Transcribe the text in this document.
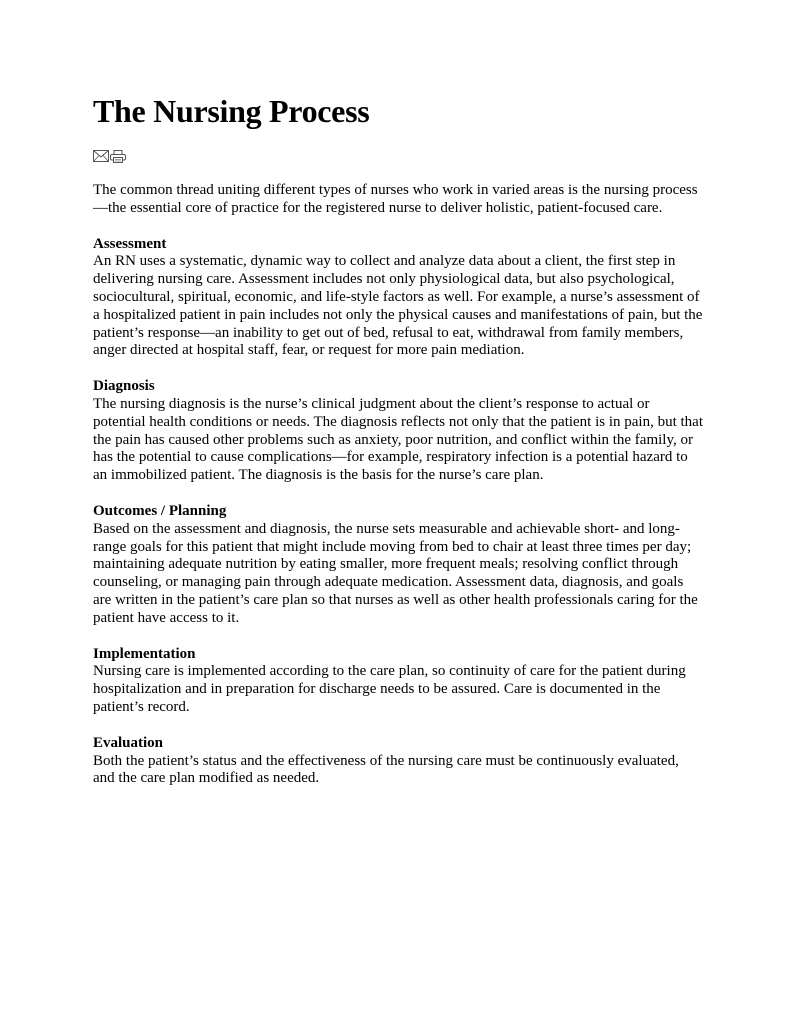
The Nursing Process

The common thread uniting different types of nurses who work in varied areas is the nursing process—the essential core of practice for the registered nurse to deliver holistic, patient-focused care.

Assessment

An RN uses a systematic, dynamic way to collect and analyze data about a client, the first step in delivering nursing care. Assessment includes not only physiological data, but also psychological, sociocultural, spiritual, economic, and life-style factors as well. For example, a nurse’s assessment of a hospitalized patient in pain includes not only the physical causes and manifestations of pain, but the patient’s response—an inability to get out of bed, refusal to eat, withdrawal from family members, anger directed at hospital staff, fear, or request for more pain mediation.

Diagnosis

The nursing diagnosis is the nurse’s clinical judgment about the client’s response to actual or potential health conditions or needs. The diagnosis reflects not only that the patient is in pain, but that the pain has caused other problems such as anxiety, poor nutrition, and conflict within the family, or has the potential to cause complications—for example, respiratory infection is a potential hazard to an immobilized patient. The diagnosis is the basis for the nurse’s care plan.

Outcomes / Planning

Based on the assessment and diagnosis, the nurse sets measurable and achievable short- and long-range goals for this patient that might include moving from bed to chair at least three times per day; maintaining adequate nutrition by eating smaller, more frequent meals; resolving conflict through counseling, or managing pain through adequate medication. Assessment data, diagnosis, and goals are written in the patient’s care plan so that nurses as well as other health professionals caring for the patient have access to it.

Implementation

Nursing care is implemented according to the care plan, so continuity of care for the patient during hospitalization and in preparation for discharge needs to be assured. Care is documented in the patient’s record.

Evaluation

Both the patient’s status and the effectiveness of the nursing care must be continuously evaluated, and the care plan modified as needed.
